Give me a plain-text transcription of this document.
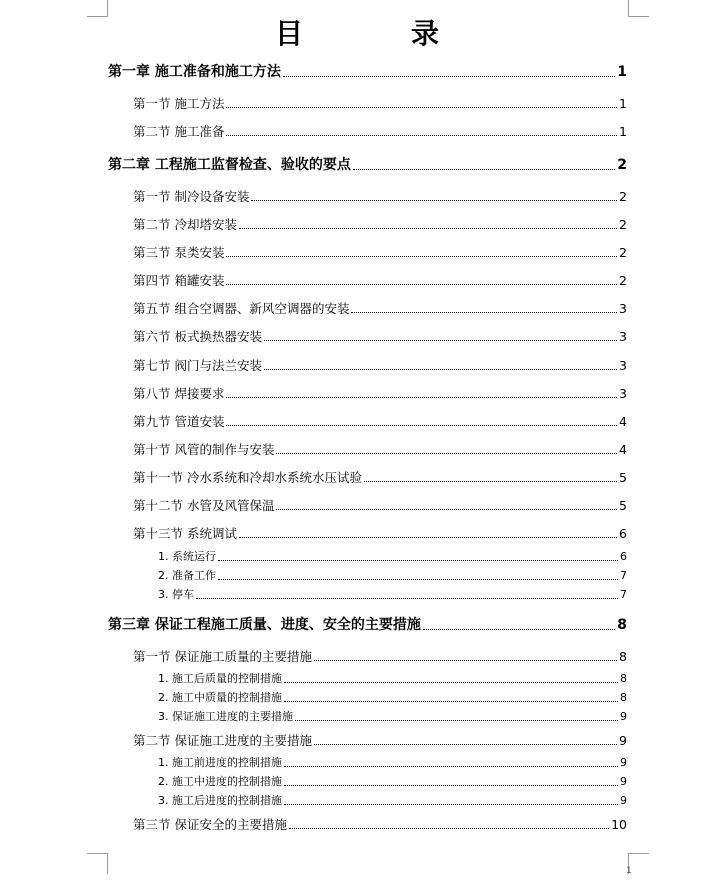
目　录
第一章 施工准备和施工方法	1
第一节 施工方法	1
第二节 施工准备	1
第二章 工程施工监督检查、验收的要点	2
第一节 制冷设备安装	2
第二节 冷却塔安装	2
第三节 泵类安装	2
第四节 箱罐安装	2
第五节 组合空调器、新风空调器的安装	3
第六节 板式换热器安装	3
第七节 阀门与法兰安装	3
第八节 焊接要求	3
第九节 管道安装	4
第十节 风管的制作与安装	4
第十一节 冷水系统和冷却水系统水压试验	5
第十二节 水管及风管保温	5
第十三节 系统调试	6
1. 系统运行	6
2. 准备工作	7
3. 停车	7
第三章 保证工程施工质量、进度、安全的主要措施	8
第一节 保证施工质量的主要措施	8
1. 施工后质量的控制措施	8
2. 施工中质量的控制措施	8
3. 保证施工进度的主要措施	9
第二节 保证施工进度的主要措施	9
1. 施工前进度的控制措施	9
2. 施工中进度的控制措施	9
3. 施工后进度的控制措施	9
第三节 保证安全的主要措施	10
1
